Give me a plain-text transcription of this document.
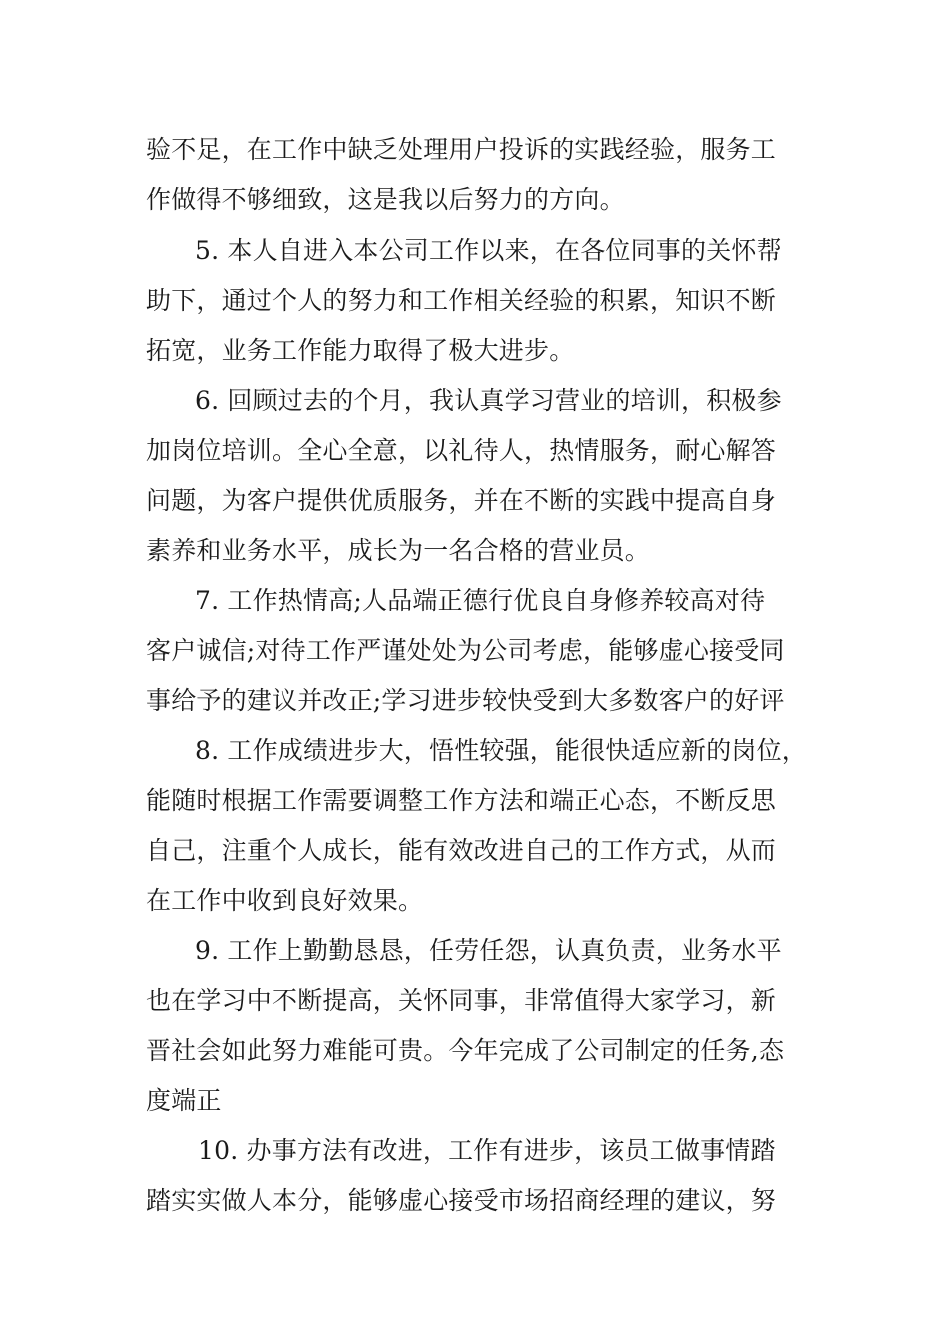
验不足，在工作中缺乏处理用户投诉的实践经验，服务工
作做得不够细致，这是我以后努力的方向。
5. 本人自进入本公司工作以来，在各位同事的关怀帮
助下，通过个人的努力和工作相关经验的积累，知识不断
拓宽，业务工作能力取得了极大进步。
6. 回顾过去的个月，我认真学习营业的培训，积极参
加岗位培训。全心全意，以礼待人，热情服务，耐心解答
问题，为客户提供优质服务，并在不断的实践中提高自身
素养和业务水平，成长为一名合格的营业员。
7. 工作热情高;人品端正德行优良自身修养较高对待
客户诚信;对待工作严谨处处为公司考虑，能够虚心接受同
事给予的建议并改正;学习进步较快受到大多数客户的好评
8. 工作成绩进步大，悟性较强，能很快适应新的岗位，
能随时根据工作需要调整工作方法和端正心态，不断反思
自己，注重个人成长，能有效改进自己的工作方式，从而
在工作中收到良好效果。
9. 工作上勤勤恳恳，任劳任怨，认真负责，业务水平
也在学习中不断提高，关怀同事，非常值得大家学习，新
晋社会如此努力难能可贵。今年完成了公司制定的任务,态
度端正
10. 办事方法有改进，工作有进步，该员工做事情踏
踏实实做人本分，能够虚心接受市场招商经理的建议，努
